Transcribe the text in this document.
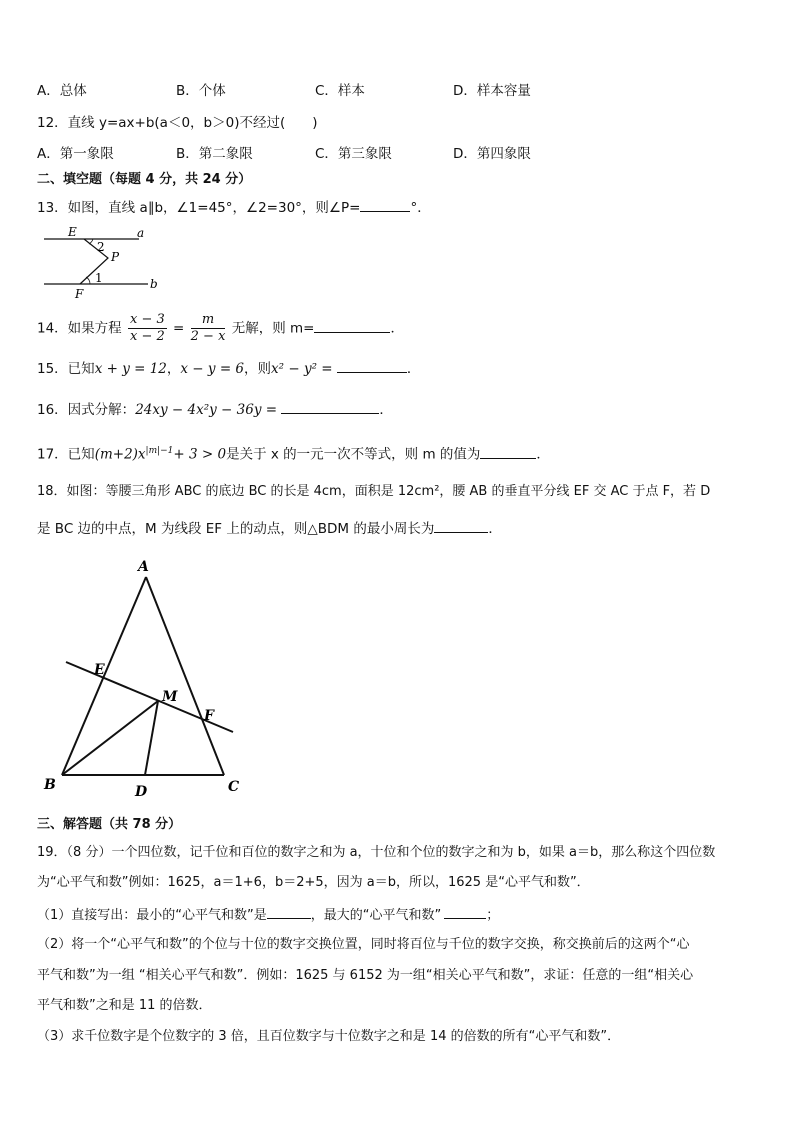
A．总体	B．个体	C．样本	D．样本容量
12．直线 y=ax+b(a＜0，b＞0)不经过(　　)
A．第一象限	B．第二象限	C．第三象限	D．第四象限
二、填空题（每题 4 分，共 24 分）
13．如图，直线 a∥b，∠1=45°，∠2=30°，则∠P=	°．
E	a
2
P
1
F
b
14．如果方程 $\frac{x - 3}{x - 2} = \frac{m}{2 - x}$ 无解，则 m=	．
15．已知x + y = 12，x − y = 6，则x² − y² =	．
16．因式分解：24xy − 4x²y − 36y =	．
17．已知$(m+2)x^{|m|-1}+ 3 > 0$是关于 x 的一元一次不等式，则 m 的值为	．
18．如图：等腰三角形 ABC 的底边 BC 的长是 4cm，面积是 12cm²，腰 AB 的垂直平分线 EF 交 AC 于点 F，若 D
是 BC 边的中点，M 为线段 EF 上的动点，则△BDM 的最小周长为	．
A
E
M
F
B	D	C
三、解答题（共 78 分）
19．（8 分）一个四位数，记千位和百位的数字之和为 a，十位和个位的数字之和为 b，如果 a＝b，那么称这个四位数
为“心平气和数”例如：1625，a＝1+6，b＝2+5，因为 a＝b，所以，1625 是“心平气和数”．
（1）直接写出：最小的“心平气和数”是	，最大的“心平气和数”	；
（2）将一个“心平气和数”的个位与十位的数字交换位置，同时将百位与千位的数字交换，称交换前后的这两个“心
平气和数”为一组 “相关心平气和数”．例如：1625 与 6152 为一组“相关心平气和数”，求证：任意的一组“相关心
平气和数”之和是 11 的倍数．
（3）求千位数字是个位数字的 3 倍，且百位数字与十位数字之和是 14 的倍数的所有“心平气和数”．
